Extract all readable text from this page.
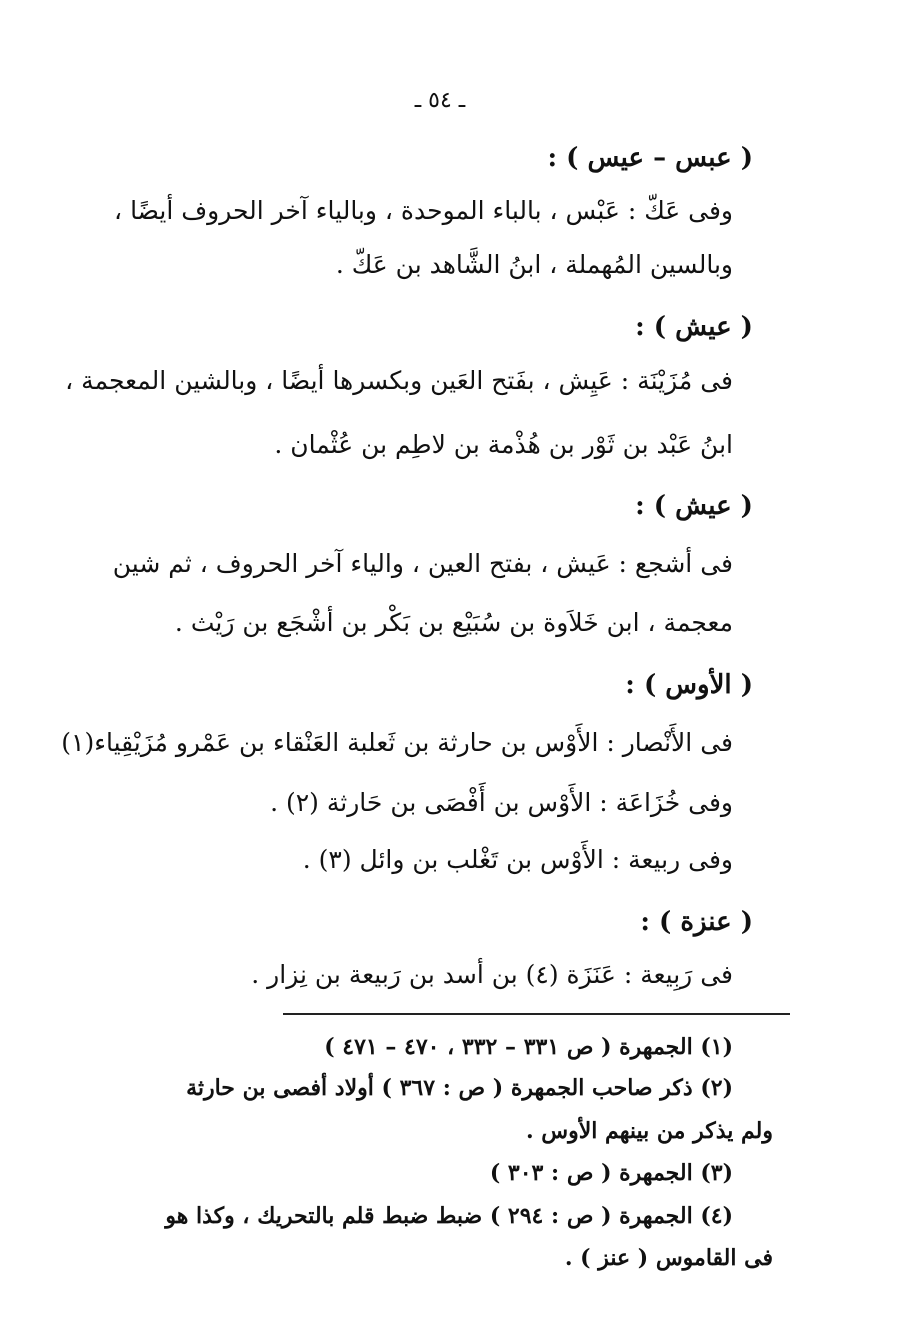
ـ ٥٤ ـ
( عبس – عيس ) :
وفى عَكّ : عَبْس ، بالباء الموحدة ، وبالياء آخر الحروف أيضًا ،
وبالسين المُهملة ، ابنُ الشَّاهد بن عَكّ .
( عيش ) :
فى مُزَيْنَة : عَيِش ، بفَتح العَين وبكسرها أيضًا ، وبالشين المعجمة ،
ابنُ عَبْد بن ثَوْر بن هُذْمة بن لاطِم بن عُثْمان .
( عيش ) :
فى أشجع : عَيش ، بفتح العين ، والياء آخر الحروف ، ثم شين
معجمة ، ابن خَلاَوة بن سُبَيْع بن بَكْر بن أشْجَع بن رَيْث .
( الأوس ) :
فى الأَنْصار : الأَوْس بن حارثة بن ثَعلبة العَنْقاء بن عَمْرو مُزَيْقِياء(١)
وفى خُزَاعَة : الأَوْس بن أَفْصَى بن حَارثة (٢) .
وفى ربيعة : الأَوْس بن تَغْلب بن وائل (٣) .
( عنزة ) :
فى رَبِيعة : عَنَزَة (٤) بن أسد بن رَبيعة بن نِزار .
(١) الجمهرة ( ص ٣٣١ – ٣٣٢ ، ٤٧٠ – ٤٧١ )
(٢) ذكر صاحب الجمهرة ( ص : ٣٦٧ ) أولاد أفصى بن حارثة
ولم يذكر من بينهم الأوس .
(٣) الجمهرة ( ص : ٣٠٣ )
(٤) الجمهرة ( ص : ٢٩٤ ) ضبط ضبط قلم بالتحريك ، وكذا هو
فى القاموس ( عنز ) .
